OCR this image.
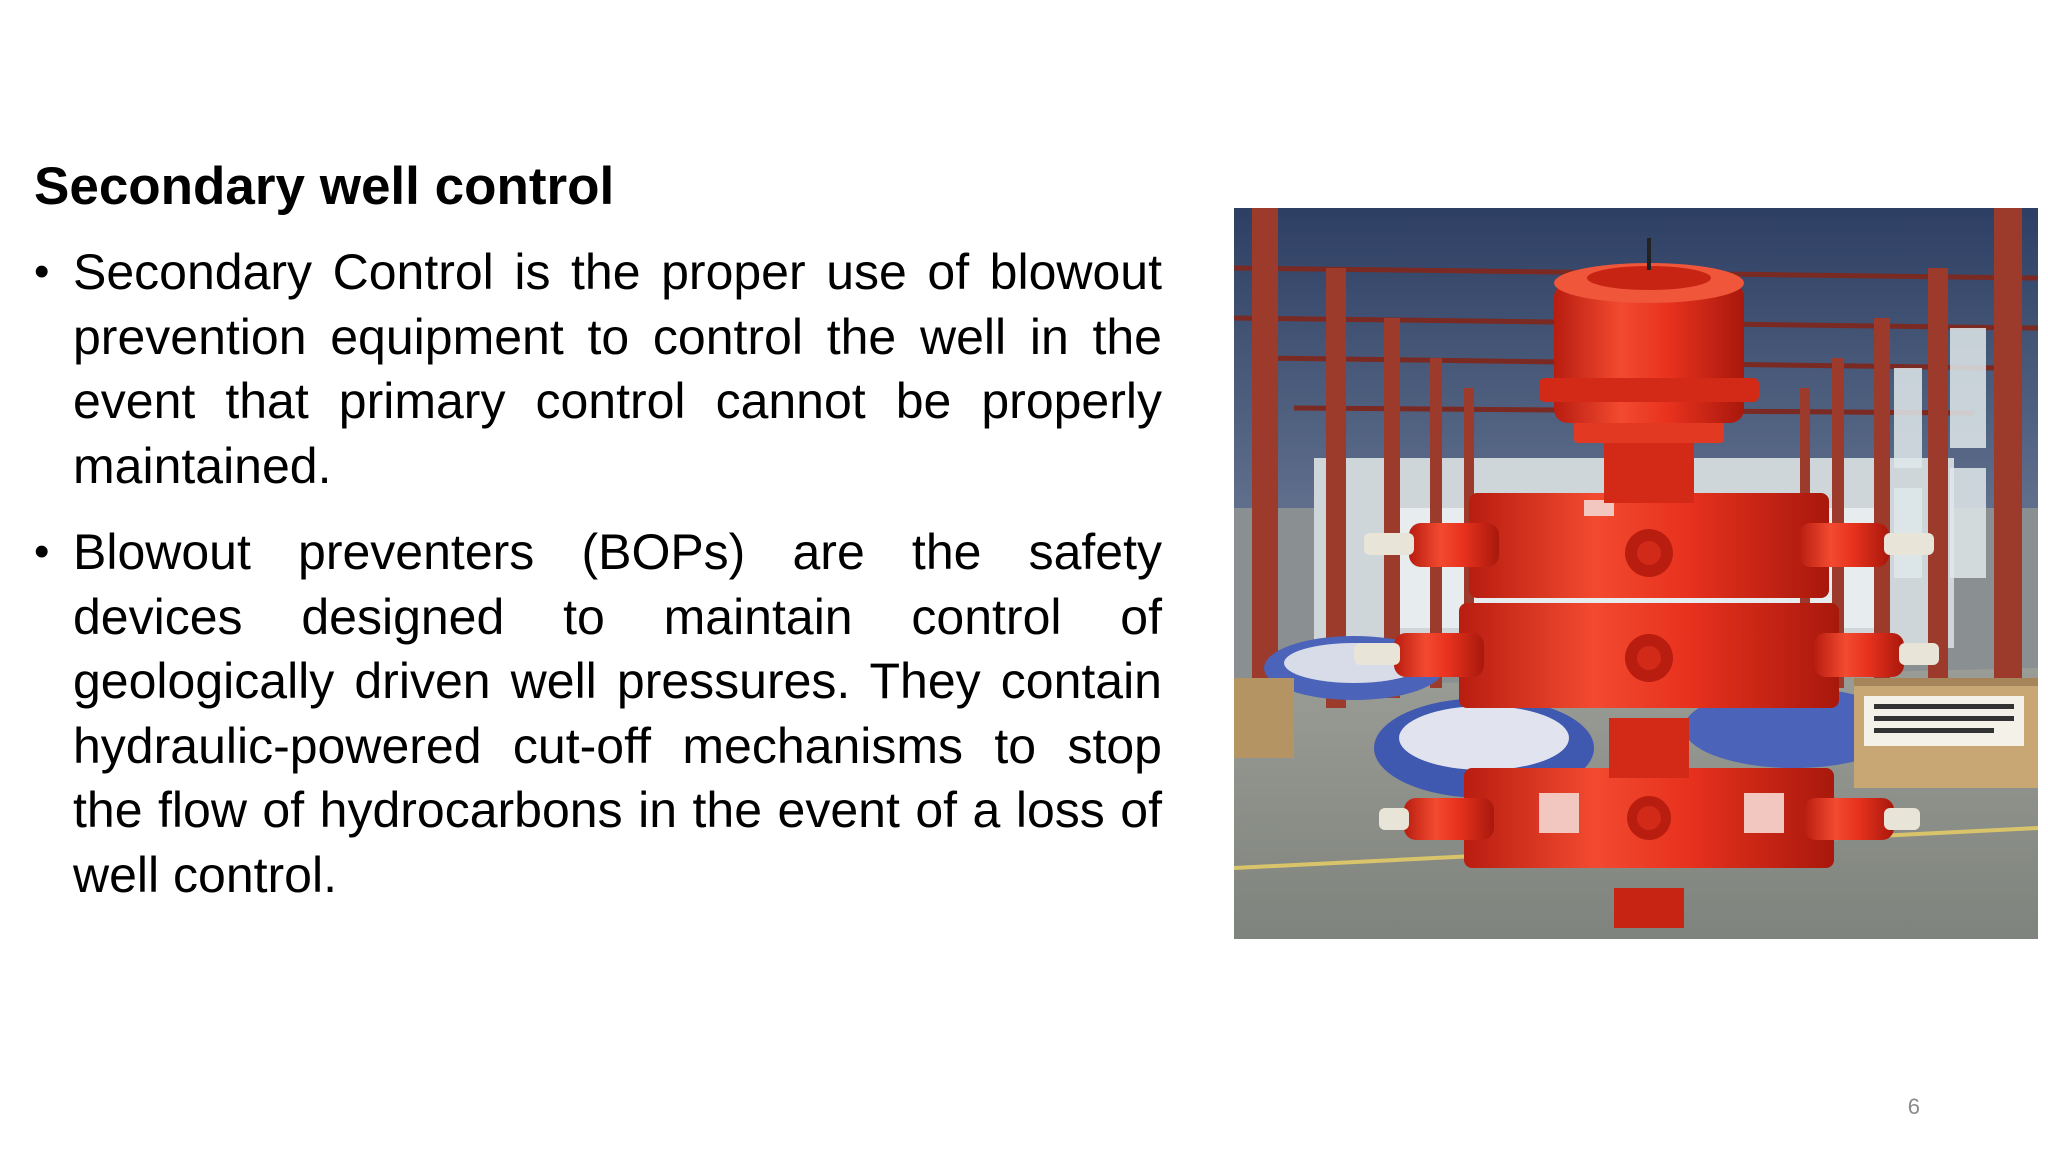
Secondary well control
• Secondary Control is the proper use of blowout prevention equipment to control the well in the event that primary control cannot be properly maintained.
• Blowout preventers (BOPs) are the safety devices designed to maintain control of geologically driven well pressures. They contain hydraulic-powered cut-off mechanisms to stop the flow of hydrocarbons in the event of a loss of well control.
6
